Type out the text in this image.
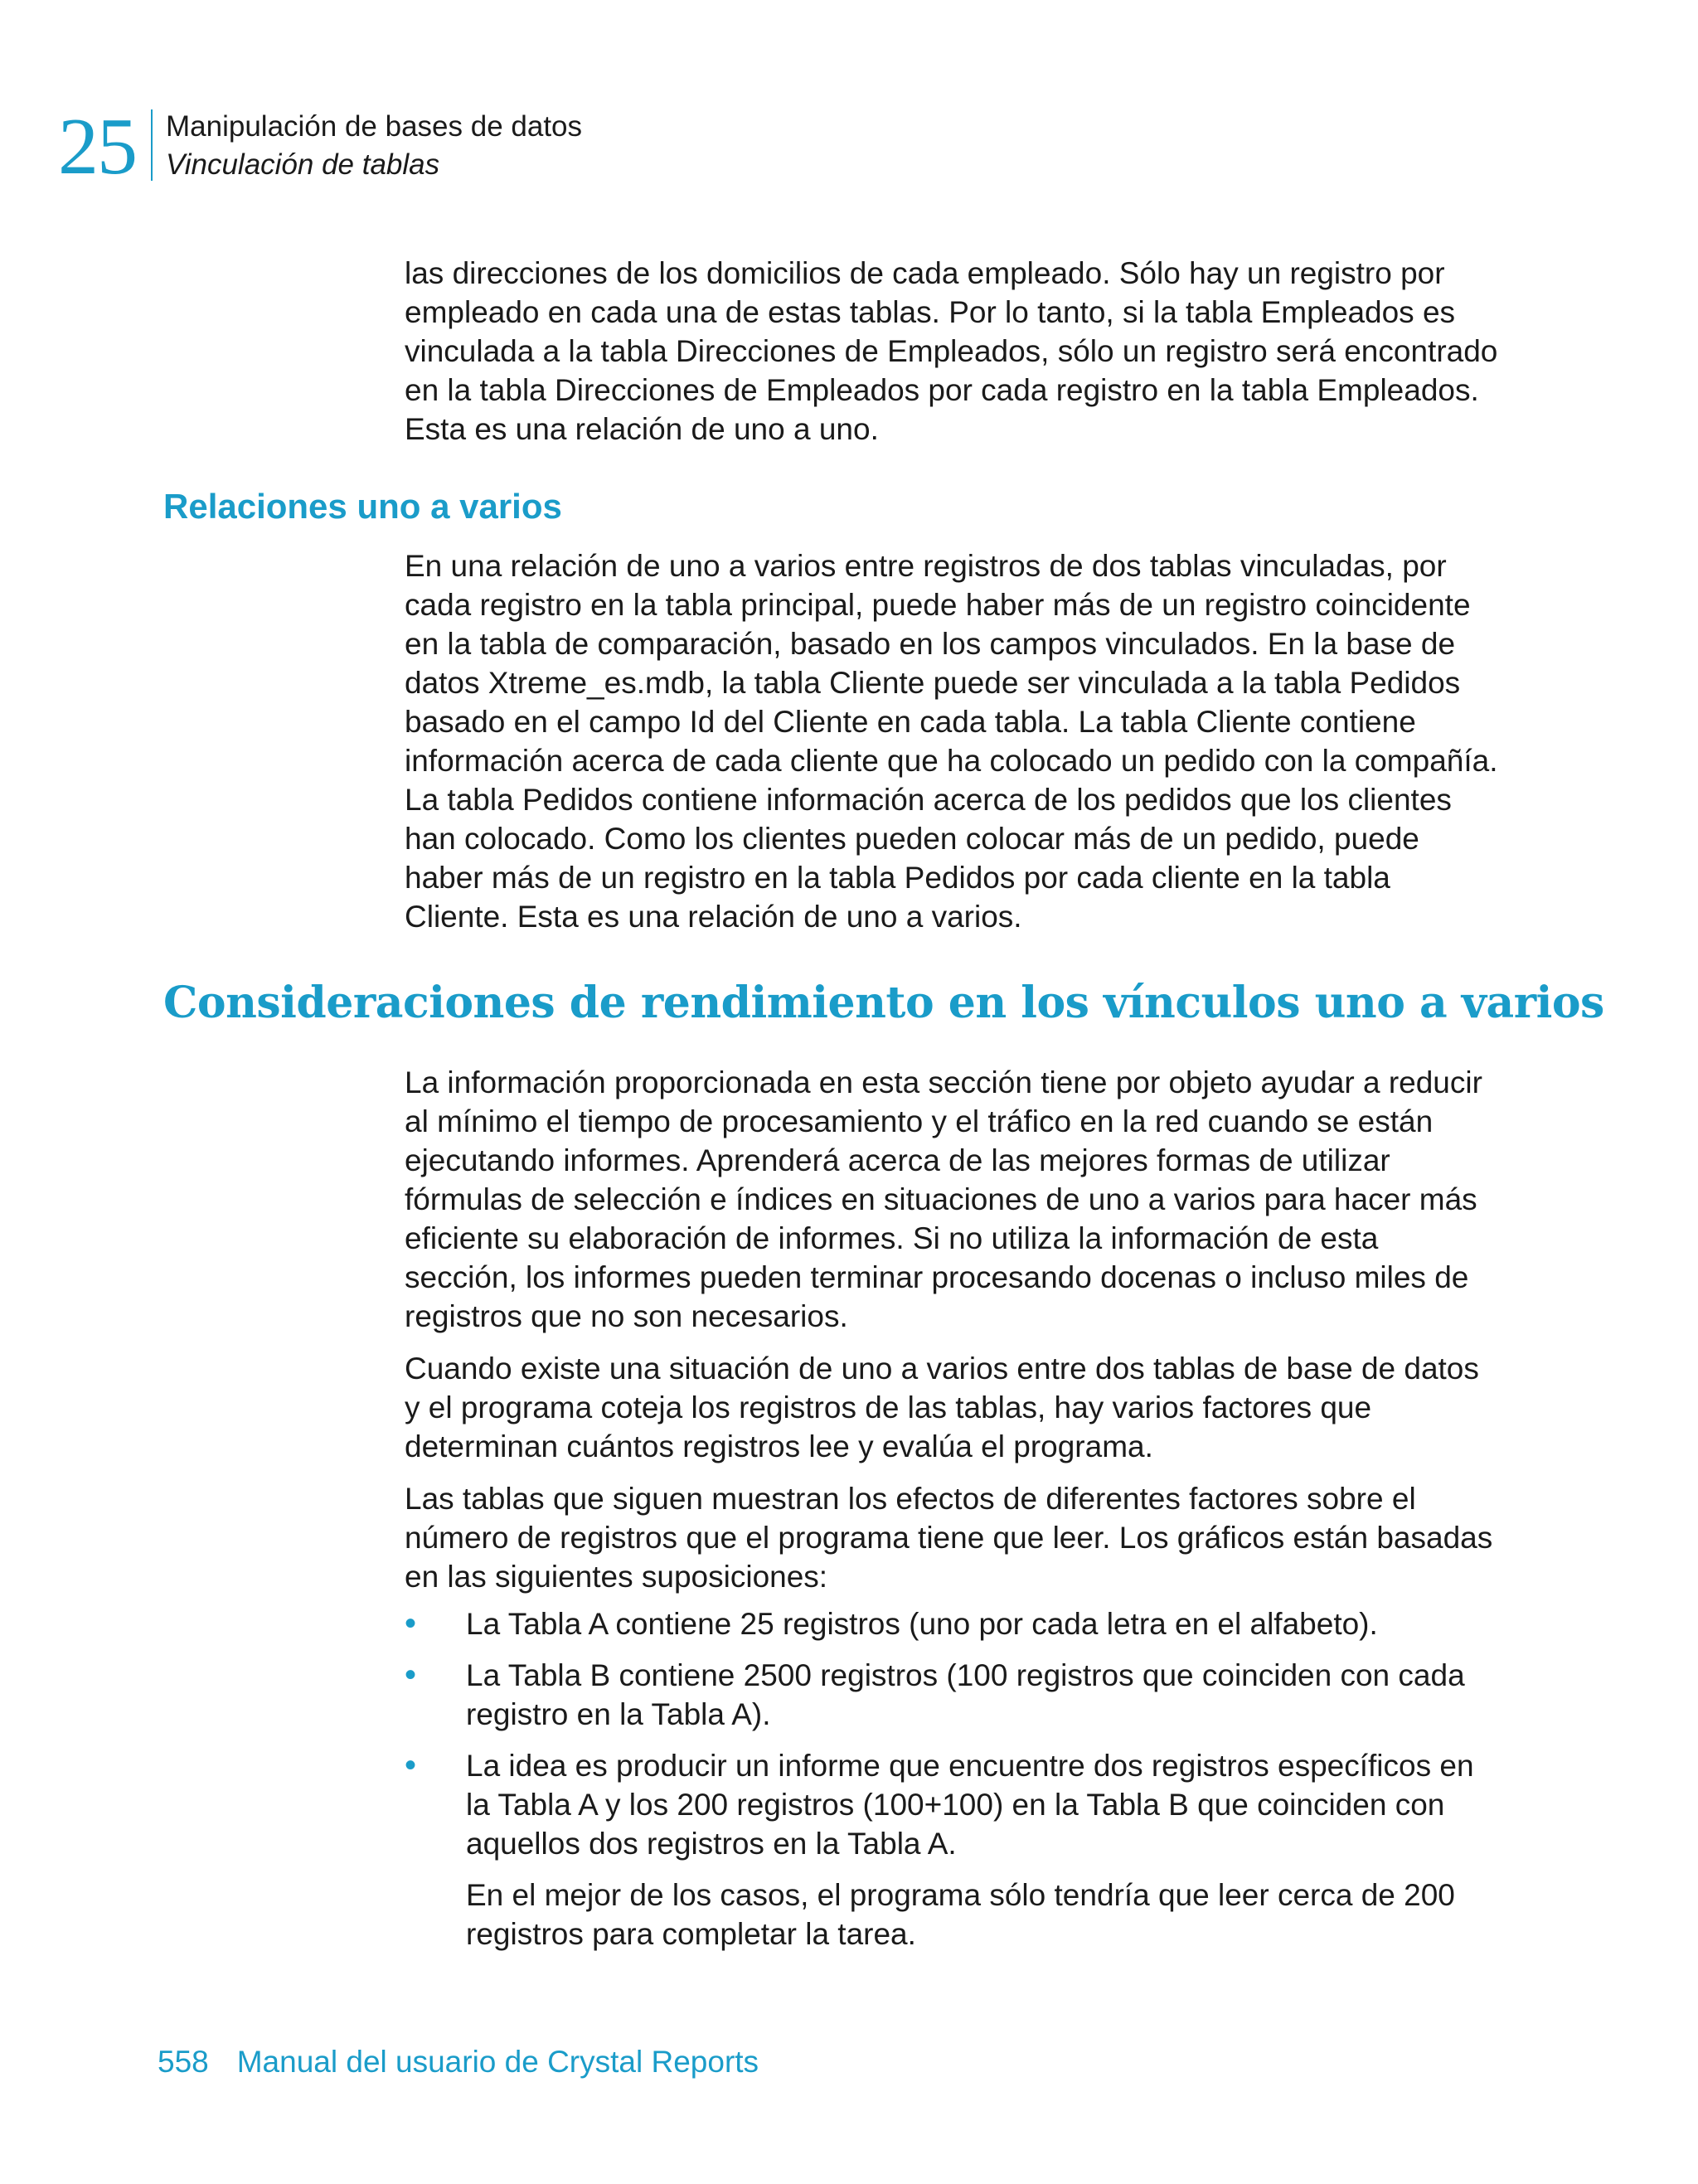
25 Manipulación de bases de datos
Vinculación de tablas

las direcciones de los domicilios de cada empleado. Sólo hay un registro por empleado en cada una de estas tablas. Por lo tanto, si la tabla Empleados es vinculada a la tabla Direcciones de Empleados, sólo un registro será encontrado en la tabla Direcciones de Empleados por cada registro en la tabla Empleados. Esta es una relación de uno a uno.

Relaciones uno a varios

En una relación de uno a varios entre registros de dos tablas vinculadas, por cada registro en la tabla principal, puede haber más de un registro coincidente en la tabla de comparación, basado en los campos vinculados. En la base de datos Xtreme_es.mdb, la tabla Cliente puede ser vinculada a la tabla Pedidos basado en el campo Id del Cliente en cada tabla. La tabla Cliente contiene información acerca de cada cliente que ha colocado un pedido con la compañía. La tabla Pedidos contiene información acerca de los pedidos que los clientes han colocado. Como los clientes pueden colocar más de un pedido, puede haber más de un registro en la tabla Pedidos por cada cliente en la tabla Cliente. Esta es una relación de uno a varios.

Consideraciones de rendimiento en los vínculos uno a varios

La información proporcionada en esta sección tiene por objeto ayudar a reducir al mínimo el tiempo de procesamiento y el tráfico en la red cuando se están ejecutando informes. Aprenderá acerca de las mejores formas de utilizar fórmulas de selección e índices en situaciones de uno a varios para hacer más eficiente su elaboración de informes. Si no utiliza la información de esta sección, los informes pueden terminar procesando docenas o incluso miles de registros que no son necesarios.

Cuando existe una situación de uno a varios entre dos tablas de base de datos y el programa coteja los registros de las tablas, hay varios factores que determinan cuántos registros lee y evalúa el programa.

Las tablas que siguen muestran los efectos de diferentes factores sobre el número de registros que el programa tiene que leer. Los gráficos están basadas en las siguientes suposiciones:

• La Tabla A contiene 25 registros (uno por cada letra en el alfabeto).
• La Tabla B contiene 2500 registros (100 registros que coinciden con cada registro en la Tabla A).
• La idea es producir un informe que encuentre dos registros específicos en la Tabla A y los 200 registros (100+100) en la Tabla B que coinciden con aquellos dos registros en la Tabla A.

En el mejor de los casos, el programa sólo tendría que leer cerca de 200 registros para completar la tarea.

558 Manual del usuario de Crystal Reports
